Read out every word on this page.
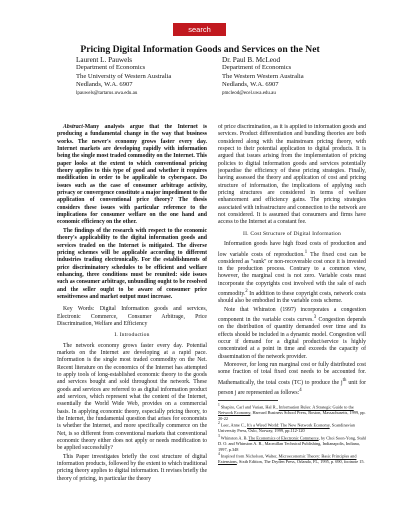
search
Pricing Digital Information Goods and Services on the Net
Laurent L. Pauwels
Department of Economics
The University of Western Australia
Nedlands, W.A. 6907
lpauwels@tartarus.uwa.edu.au
Dr. Paul B. McLeod
Department of Economics
The Western Western Australia
Nedlands, W.A. 6907
pmcleod@ecel.uwa.edu.au
Abstract-Many analysts argue that the Internet is producing a fundamental change in the way that business works. The newer's economy grows faster every day. Internet markets are developing rapidly with information being the single most traded commodity on the Internet. This paper looks at the extent to which conventional pricing theory applies to this type of good and whether it requires modification in order to be applicable to cyberspace. Do issues such as the case of consumer arbitrage activity, privacy or convergence constitute a major impediment to the application of conventional price theory? The thesis considers these issues with particular reference to the implications for consumer welfare on the one hand and economic efficiency on the other.
The findings of the research with respect to the economic theory's applicability to the digital information goods and services traded on the Internet is mitigated. The diverse pricing schemes will be applicable according to different industries trading electronically. For the establishments of price discriminatory schedules to be efficient and welfare enhancing, three conditions must be reunited: side issues such as consumer arbitrage, unbundling ought to be resolved and the seller ought to be aware of consumer price sensitiveness and market output must increase.
Key Words: Digital Information goods and services, Electronic Commerce, Consumer Arbitrage, Price Discrimination, Welfare and Efficiency
I. Introduction
The network economy grows faster every day. Potential markets on the Internet are developing at a rapid pace. Information is the single most traded commodity on the Net. Recent literature on the economics of the Internet has attempted to apply tools of long-established economic theory to the goods and services bought and sold throughout the network. These goods and services are referred to as digital information product and services, which represent what the content of the Internet, essentially the World Wide Web, provides on a commercial basis. In applying economic theory, especially pricing theory, to the Internet, the fundamental question that arises for economists is whether the Internet, and more specifically commerce on the Net, is so different from conventional markets that conventional economic theory either does not apply or needs modification to be applied successfully?
This Paper investigates briefly the cost structure of digital information products, followed by the extent to which traditional pricing theory applies to digital information. It revises briefly the theory of pricing, in particular the theory
of price discrimination, as it is applied to information goods and services. Product differentiation and bundling theories are both considered along with the mainstream pricing theory, with respect to their potential application to digital products. It is argued that issues arising from the implementation of pricing policies to digital information goods and services potentially jeopardise the efficiency of these pricing strategies. Finally, having assessed the theory and application of cost and pricing structure of information, the implications of applying such pricing structures are considered in terms of welfare enhancement and efficiency gains. The pricing strategies associated with infrastructure and connection to the network are not considered. It is assumed that consumers and firms have access to the Internet at a constant fee.
II. Cost Structure of Digital Information
Information goods have high fixed costs of production and low variable costs of reproduction.$^1$ The fixed cost can be considered as "sunk" or non-recoverable cost once it is invested in the production process. Contrary to a common view, however, the marginal cost is not zero. Variable costs must incorporate the copyrights cost involved with the sale of each commodity.$^2$ In addition to these copyright costs, network costs should also be embodied in the variable costs scheme.
Note that Whinston (1997) incorporates a congestion component in the variable costs curves.$^3$ Congestion depends on the distribution of quantity demanded over time and its effects should be included in a dynamic model. Congestion will occur if demand for a digital product/service is highly concentrated at a point in time and exceeds the capacity of dissemination of the network provider.
Moreover, for long run marginal cost or fully distributed cost some fraction of total fixed cost needs to be accounted for. Mathematically, the total costs (TC) to produce the $j^{th}$ unit for person j are represented as follows:$^4$
$^1$ Shapiro, Carl and Varian, Hal R., Information Rules: A Strategic Guide to the Network Economy, Harvard Business School Press, Boston, Massachusetts, 1999, pp. 20-22
$^2$ Leer, Anne C., It's a Wired World: The New Network Economy, Scandinavian University Press, Oslo, Norway, 1999, pp.112-120
$^3$ Whinston A. B. The Economics of Electronic Commerce, by Choi Soon-Yong, Stahl D. O. and Whinston A. B., Macmillan Technical Publishing, Indianapolis, Indiana, 1997, p.348
$^4$ Inspired from Nicholson, Walter, Microeconomic Theory: Basic Principles and Extensions, Sixth Edition, The Dryden Press, Orlando, FL, 1995, p. 690, footnote 15.
